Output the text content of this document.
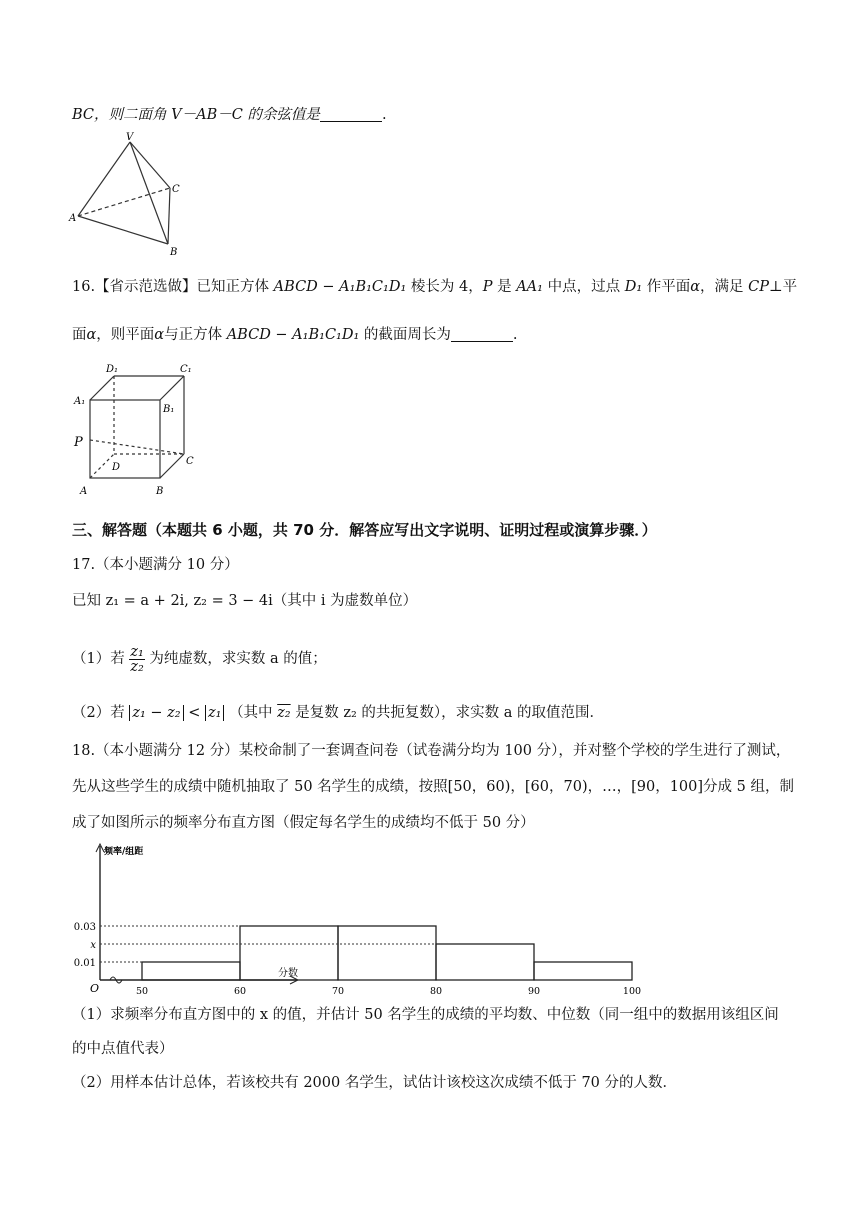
BC，则二面角 V－AB－C 的余弦值是	.
V
A
B
C
16.【省示范选做】已知正方体 ABCD − A₁B₁C₁D₁ 棱长为 4，P 是 AA₁ 中点，过点 D₁ 作平面α，满足 CP⊥平
面α，则平面α与正方体 ABCD − A₁B₁C₁D₁ 的截面周长为	.
D₁	C₁
A₁
B₁
P
D
C
A	B
三、解答题（本题共 6 小题，共 70 分．解答应写出文字说明、证明过程或演算步骤．）
17.（本小题满分 10 分）
已知 z₁ = a + 2i, z₂ = 3 − 4i（其中 i 为虚数单位）
（1）若 $\frac{\text{z₁}}{\text{z₂}}$ 为纯虚数，求实数 a 的值；
（2）若 z₁ − z₂ < z₁ （其中 z₂ 是复数 z₂ 的共扼复数），求实数 a 的取值范围．
18.（本小题满分 12 分）某校命制了一套调查问卷（试卷满分均为 100 分），并对整个学校的学生进行了测试，
先从这些学生的成绩中随机抽取了 50 名学生的成绩，按照[50，60)，[60，70)，…，[90，100]分成 5 组，制
成了如图所示的频率分布直方图（假定每名学生的成绩均不低于 50 分）
0.03
x
0.01
50	60	70	80	90	100
O
分数
频率/组距
（1）求频率分布直方图中的 x 的值，并估计 50 名学生的成绩的平均数、中位数（同一组中的数据用该组区间
的中点值代表）
（2）用样本估计总体，若该校共有 2000 名学生，试估计该校这次成绩不低于 70 分的人数．
